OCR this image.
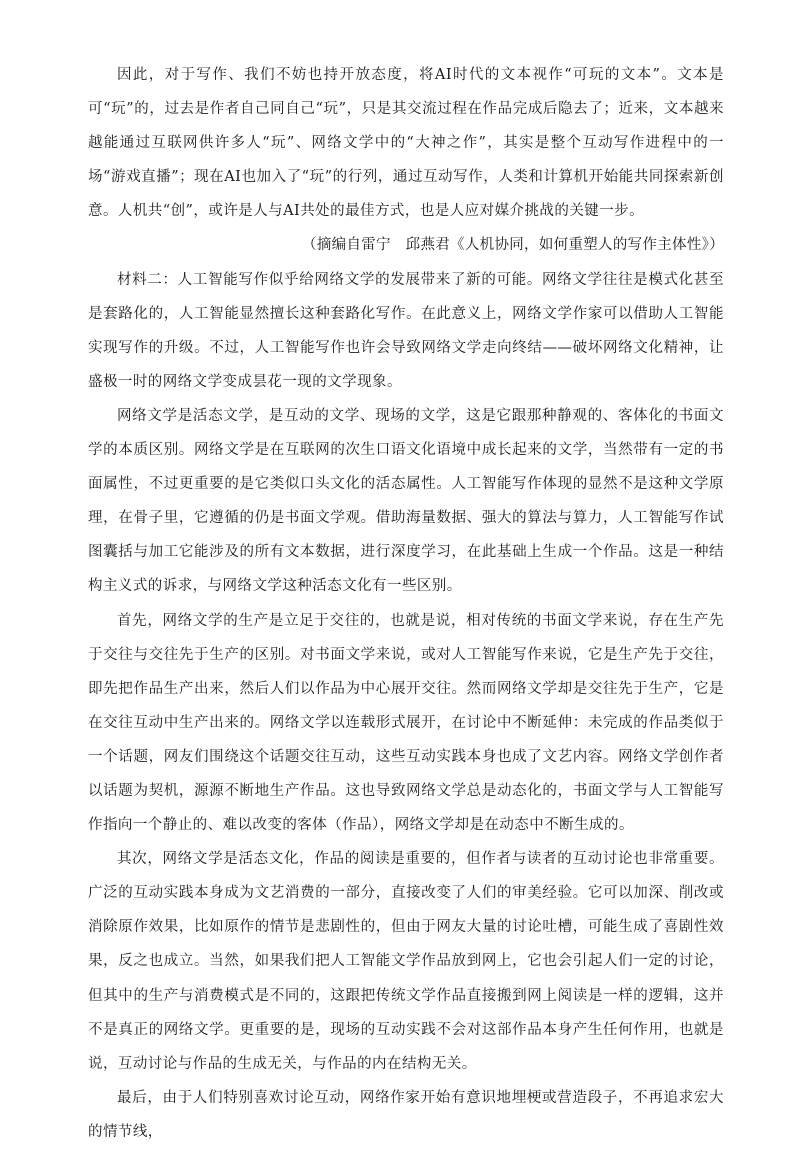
因此，对于写作、我们不妨也持开放态度，将AI时代的文本视作“可玩的文本”。文本是可“玩”的，过去是作者自己同自己“玩”，只是其交流过程在作品完成后隐去了；近来，文本越来越能通过互联网供许多人“玩”、网络文学中的“大神之作”，其实是整个互动写作进程中的一场“游戏直播”；现在AI也加入了“玩”的行列，通过互动写作，人类和计算机开始能共同探索新创意。人机共“创”，或许是人与AI共处的最佳方式，也是人应对媒介挑战的关键一步。

（摘编自雷宁　邱燕君《人机协同，如何重塑人的写作主体性》）

材料二：人工智能写作似乎给网络文学的发展带来了新的可能。网络文学往往是模式化甚至是套路化的，人工智能显然擅长这种套路化写作。在此意义上，网络文学作家可以借助人工智能实现写作的升级。不过，人工智能写作也许会导致网络文学走向终结——破坏网络文化精神，让盛极一时的网络文学变成昙花一现的文学现象。

网络文学是活态文学，是互动的文学、现场的文学，这是它跟那种静观的、客体化的书面文学的本质区别。网络文学是在互联网的次生口语文化语境中成长起来的文学，当然带有一定的书面属性，不过更重要的是它类似口头文化的活态属性。人工智能写作体现的显然不是这种文学原理，在骨子里，它遵循的仍是书面文学观。借助海量数据、强大的算法与算力，人工智能写作试图囊括与加工它能涉及的所有文本数据，进行深度学习，在此基础上生成一个作品。这是一种结构主义式的诉求，与网络文学这种活态文化有一些区别。

首先，网络文学的生产是立足于交往的，也就是说，相对传统的书面文学来说，存在生产先于交往与交往先于生产的区别。对书面文学来说，或对人工智能写作来说，它是生产先于交往，即先把作品生产出来，然后人们以作品为中心展开交往。然而网络文学却是交往先于生产，它是在交往互动中生产出来的。网络文学以连载形式展开，在讨论中不断延伸：未完成的作品类似于一个话题，网友们围绕这个话题交往互动，这些互动实践本身也成了文艺内容。网络文学创作者以话题为契机，源源不断地生产作品。这也导致网络文学总是动态化的，书面文学与人工智能写作指向一个静止的、难以改变的客体（作品），网络文学却是在动态中不断生成的。

其次，网络文学是活态文化，作品的阅读是重要的，但作者与读者的互动讨论也非常重要。广泛的互动实践本身成为文艺消费的一部分，直接改变了人们的审美经验。它可以加深、削改或消除原作效果，比如原作的情节是悲剧性的，但由于网友大量的讨论吐槽，可能生成了喜剧性效果，反之也成立。当然，如果我们把人工智能文学作品放到网上，它也会引起人们一定的讨论，但其中的生产与消费模式是不同的，这跟把传统文学作品直接搬到网上阅读是一样的逻辑，这并不是真正的网络文学。更重要的是，现场的互动实践不会对这部作品本身产生任何作用，也就是说，互动讨论与作品的生成无关，与作品的内在结构无关。

最后，由于人们特别喜欢讨论互动，网络作家开始有意识地埋梗或营造段子，不再追求宏大的情节线，
